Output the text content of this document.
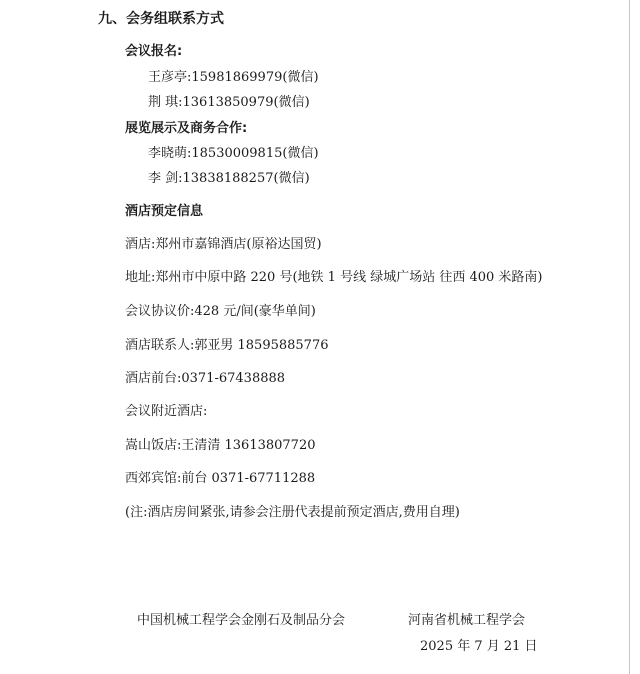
九、会务组联系方式
会议报名:
王彦亭:15981869979(微信)
荆 琪:13613850979(微信)
展览展示及商务合作:
李晓萌:18530009815(微信)
李 剑:13838188257(微信)
酒店预定信息
酒店:郑州市嘉锦酒店(原裕达国贸)
地址:郑州市中原中路 220 号(地铁 1 号线 绿城广场站 往西 400 米路南)
会议协议价:428 元/间(豪华单间)
酒店联系人:郭亚男 18595885776
酒店前台:0371-67438888
会议附近酒店:
嵩山饭店:王清清 13613807720
西郊宾馆:前台 0371-67711288
(注:酒店房间紧张,请参会注册代表提前预定酒店,费用自理)
中国机械工程学会金刚石及制品分会	河南省机械工程学会
2025 年 7 月 21 日
